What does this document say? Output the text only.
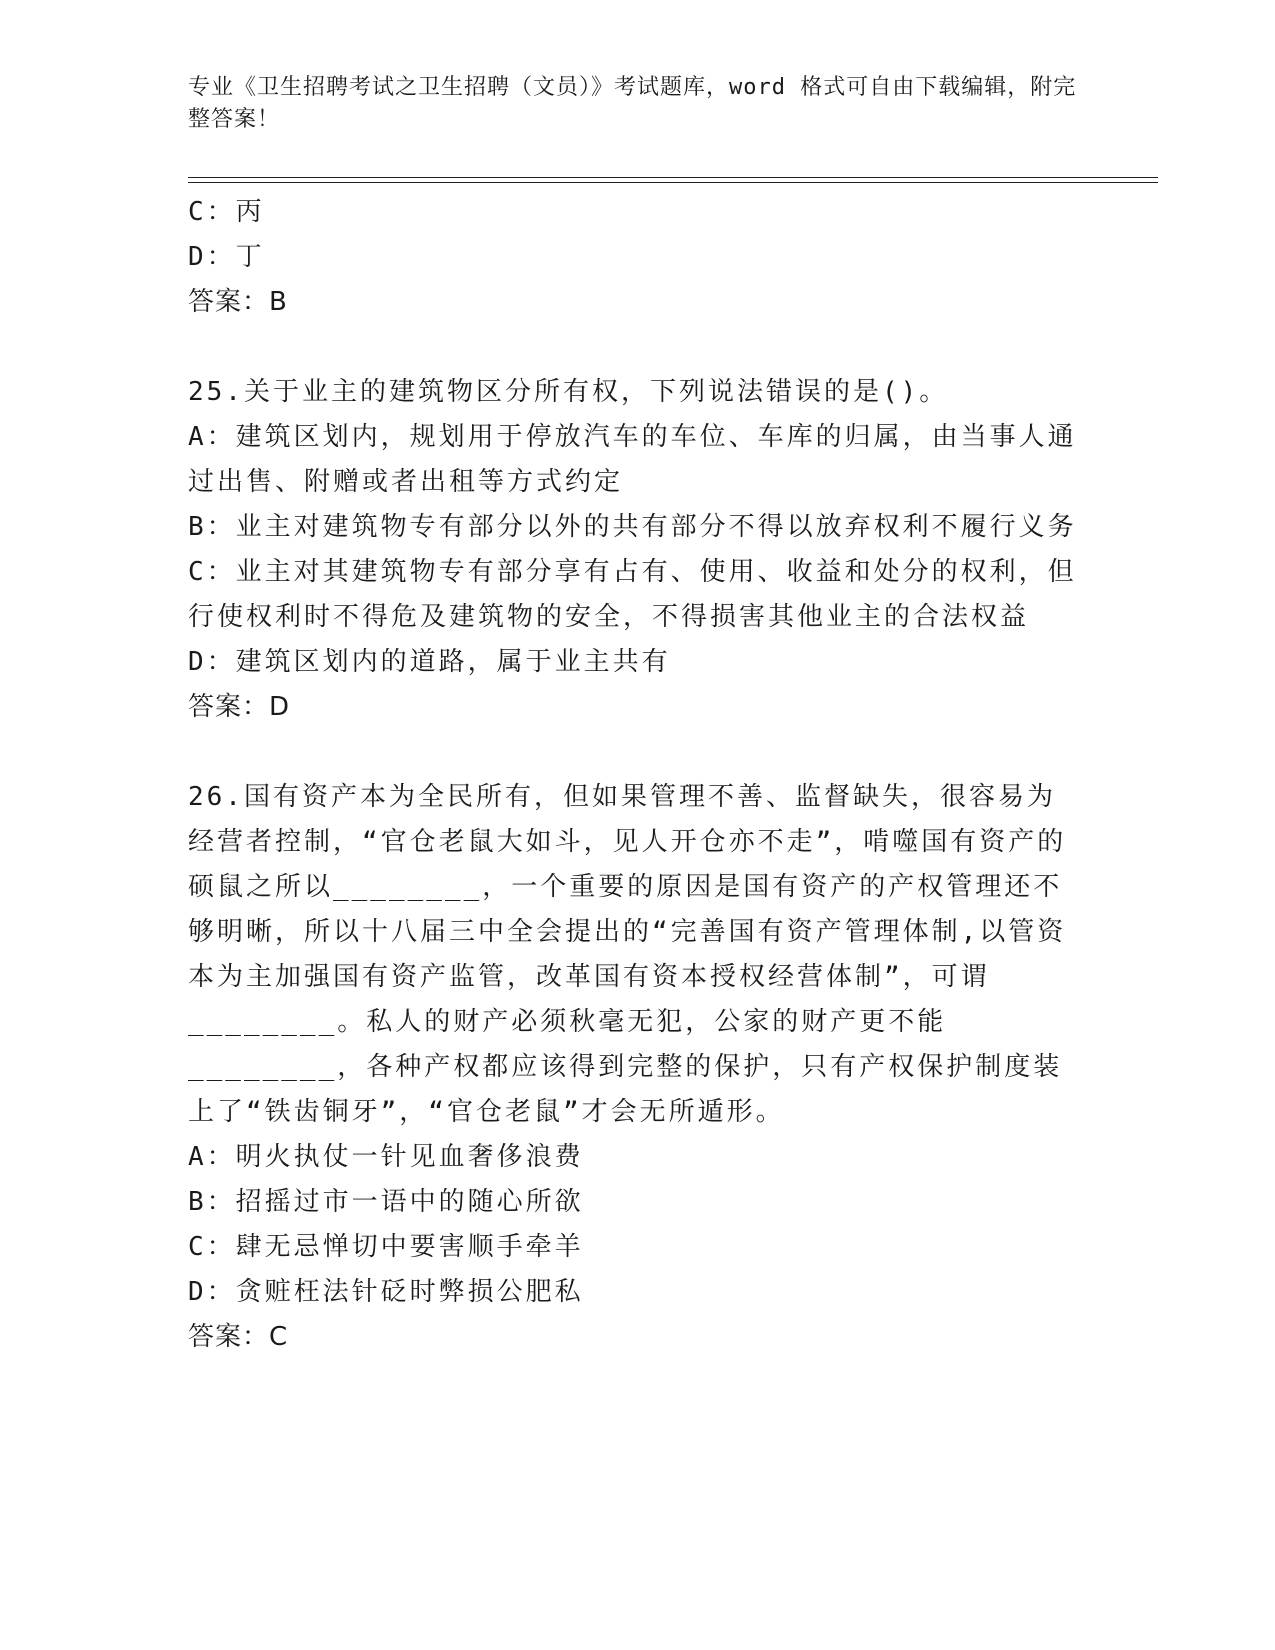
专业《卫生招聘考试之卫生招聘（文员）》考试题库，word 格式可自由下载编辑，附完整答案！
C：丙
D：丁
答案：B
25.关于业主的建筑物区分所有权，下列说法错误的是()。
A：建筑区划内，规划用于停放汽车的车位、车库的归属，由当事人通过出售、附赠或者出租等方式约定
B：业主对建筑物专有部分以外的共有部分不得以放弃权利不履行义务
C：业主对其建筑物专有部分享有占有、使用、收益和处分的权利，但行使权利时不得危及建筑物的安全，不得损害其他业主的合法权益
D：建筑区划内的道路，属于业主共有
答案：D
26.国有资产本为全民所有，但如果管理不善、监督缺失，很容易为经营者控制，“官仓老鼠大如斗，见人开仓亦不走”，啃噬国有资产的硕鼠之所以________，一个重要的原因是国有资产的产权管理还不够明晰，所以十八届三中全会提出的“完善国有资产管理体制,以管资本为主加强国有资产监管，改革国有资本授权经营体制”，可谓________。私人的财产必须秋毫无犯，公家的财产更不能________，各种产权都应该得到完整的保护，只有产权保护制度装上了“铁齿铜牙”，“官仓老鼠”才会无所遁形。
A：明火执仗一针见血奢侈浪费
B：招摇过市一语中的随心所欲
C：肆无忌惮切中要害顺手牵羊
D：贪赃枉法针砭时弊损公肥私
答案：C
